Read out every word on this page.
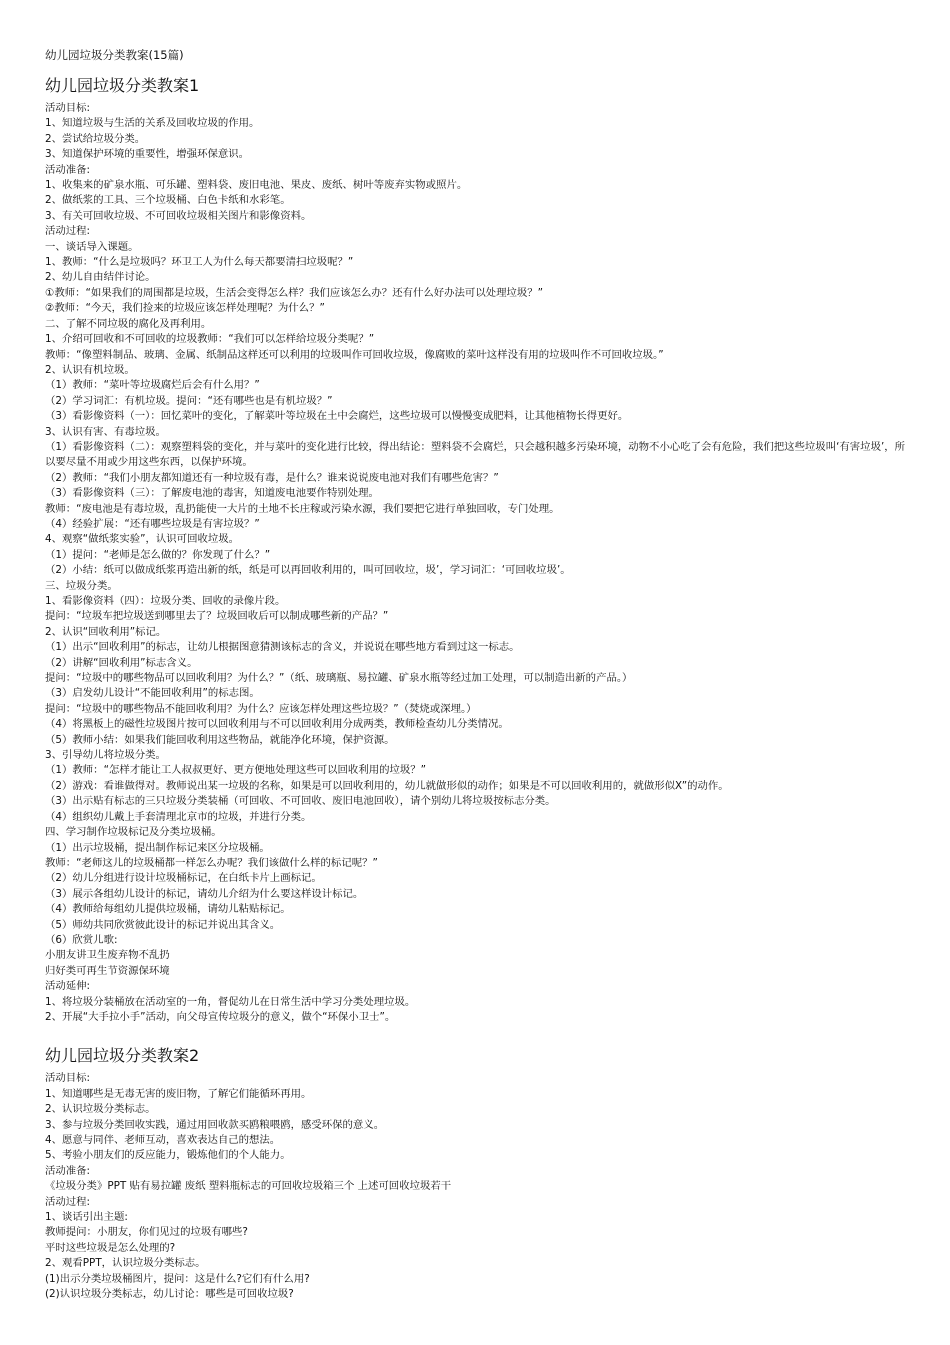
幼儿园垃圾分类教案(15篇)
幼儿园垃圾分类教案1
活动目标:
1、知道垃圾与生活的关系及回收垃圾的作用。
2、尝试给垃圾分类。
3、知道保护环境的重要性，增强环保意识。
活动准备:
1、收集来的矿泉水瓶、可乐罐、塑料袋、废旧电池、果皮、废纸、树叶等废弃实物或照片。
2、做纸浆的工具、三个垃圾桶、白色卡纸和水彩笔。
3、有关可回收垃圾、不可回收垃圾相关图片和影像资料。
活动过程:
一、谈话导入课题。
1、教师：“什么是垃圾吗？环卫工人为什么每天都要清扫垃圾呢？”
2、幼儿自由结伴讨论。
①教师：“如果我们的周围都是垃圾，生活会变得怎么样？我们应该怎么办？还有什么好办法可以处理垃圾？”
②教师：“今天，我们捡来的垃圾应该怎样处理呢？为什么？”
二、了解不同垃圾的腐化及再利用。
1、介绍可回收和不可回收的垃圾教师：“我们可以怎样给垃圾分类呢？”
教师：“像塑料制品、玻璃、金属、纸制品这样还可以利用的垃圾叫作可回收垃圾，像腐败的菜叶这样没有用的垃圾叫作不可回收垃圾。”
2、认识有机垃圾。
（1）教师：“菜叶等垃圾腐烂后会有什么用？”
（2）学习词汇：有机垃圾。提问：“还有哪些也是有机垃圾？”
（3）看影像资料（一）：回忆菜叶的变化，了解菜叶等垃圾在土中会腐烂，这些垃圾可以慢慢变成肥料，让其他植物长得更好。
3、认识有害、有毒垃圾。
（1）看影像资料（二）：观察塑料袋的变化，并与菜叶的变化进行比较，得出结论：塑料袋不会腐烂，只会越积越多污染环境，动物不小心吃了会有危险，我们把这些垃圾叫‘有害垃圾’，所以要尽量不用或少用这些东西，以保护环境。
（2）教师：“我们小朋友都知道还有一种垃圾有毒，是什么？谁来说说废电池对我们有哪些危害？”
（3）看影像资料（三）：了解废电池的毒害，知道废电池要作特别处理。
教师：“废电池是有毒垃圾，乱扔能使一大片的土地不长庄稼或污染水源，我们要把它进行单独回收，专门处理。
（4）经验扩展：“还有哪些垃圾是有害垃圾？”
4、观察“做纸浆实验”，认识可回收垃圾。
（1）提问：“老师是怎么做的？你发现了什么？”
（2）小结：纸可以做成纸浆再造出新的纸，纸是可以再回收利用的，叫可回收垃，圾’，学习词汇：‘可回收垃圾’。
三、垃圾分类。
1、看影像资料（四）：垃圾分类、回收的录像片段。
提问：“垃圾车把垃圾送到哪里去了？垃圾回收后可以制成哪些新的产品？”
2、认识“回收利用”标记。
（1）出示“回收利用”的标志，让幼儿根据图意猜测该标志的含义，并说说在哪些地方看到过这一标志。
（2）讲解“回收利用”标志含义。
提问：“垃圾中的哪些物品可以回收利用？为什么？”（纸、玻璃瓶、易拉罐、矿泉水瓶等经过加工处理，可以制造出新的产品。）
（3）启发幼儿设计“不能回收利用”的标志图。
提问：“垃圾中的哪些物品不能回收利用？为什么？应该怎样处理这些垃圾？”（焚烧或深埋。）
（4）将黑板上的磁性垃圾图片按可以回收利用与不可以回收利用分成两类，教师检查幼儿分类情况。
（5）教师小结：如果我们能回收利用这些物品，就能净化环境，保护资源。
3、引导幼儿将垃圾分类。
（1）教师：“怎样才能让工人叔叔更好、更方便地处理这些可以回收利用的垃圾？”
（2）游戏：看谁做得对。教师说出某一垃圾的名称，如果是可以回收利用的，幼儿就做形似的动作；如果是不可以回收利用的，就做形似X”的动作。
（3）出示贴有标志的三只垃圾分类装桶（可回收、不可回收、废旧电池回收），请个别幼儿将垃圾按标志分类。
（4）组织幼儿戴上手套清理北京市的垃圾，并进行分类。
四、学习制作垃圾标记及分类垃圾桶。
（1）出示垃圾桶，提出制作标记来区分垃圾桶。
教师：“老师这儿的垃圾桶都一样怎么办呢？我们该做什么样的标记呢？”
（2）幼儿分组进行设计垃圾桶标记，在白纸卡片上画标记。
（3）展示各组幼儿设计的标记，请幼儿介绍为什么要这样设计标记。
（4）教师给每组幼儿提供垃圾桶，请幼儿粘贴标记。
（5）师幼共同欣赏彼此设计的标记并说出其含义。
（6）欣赏儿歌:
小朋友讲卫生废弃物不乱扔
归好类可再生节资源保环境
活动延伸:
1、将垃圾分装桶放在活动室的一角，督促幼儿在日常生活中学习分类处理垃圾。
2、开展“大手拉小手”活动，向父母宣传垃圾分的意义，做个“环保小卫士”。
幼儿园垃圾分类教案2
活动目标:
1、知道哪些是无毒无害的废旧物，了解它们能循环再用。
2、认识垃圾分类标志。
3、参与垃圾分类回收实践，通过用回收款买鸥粮喂鸥，感受环保的意义。
4、愿意与同伴、老师互动，喜欢表达自己的想法。
5、考验小朋友们的反应能力，锻炼他们的个人能力。
活动准备:
《垃圾分类》PPT 贴有易拉罐 废纸 塑料瓶标志的可回收垃圾箱三个 上述可回收垃圾若干
活动过程:
1、谈话引出主题:
教师提问：小朋友，你们见过的垃圾有哪些?
平时这些垃圾是怎么处理的?
2、观看PPT，认识垃圾分类标志。
(1)出示分类垃圾桶图片，提问：这是什么?它们有什么用?
(2)认识垃圾分类标志，幼儿讨论：哪些是可回收垃圾?
